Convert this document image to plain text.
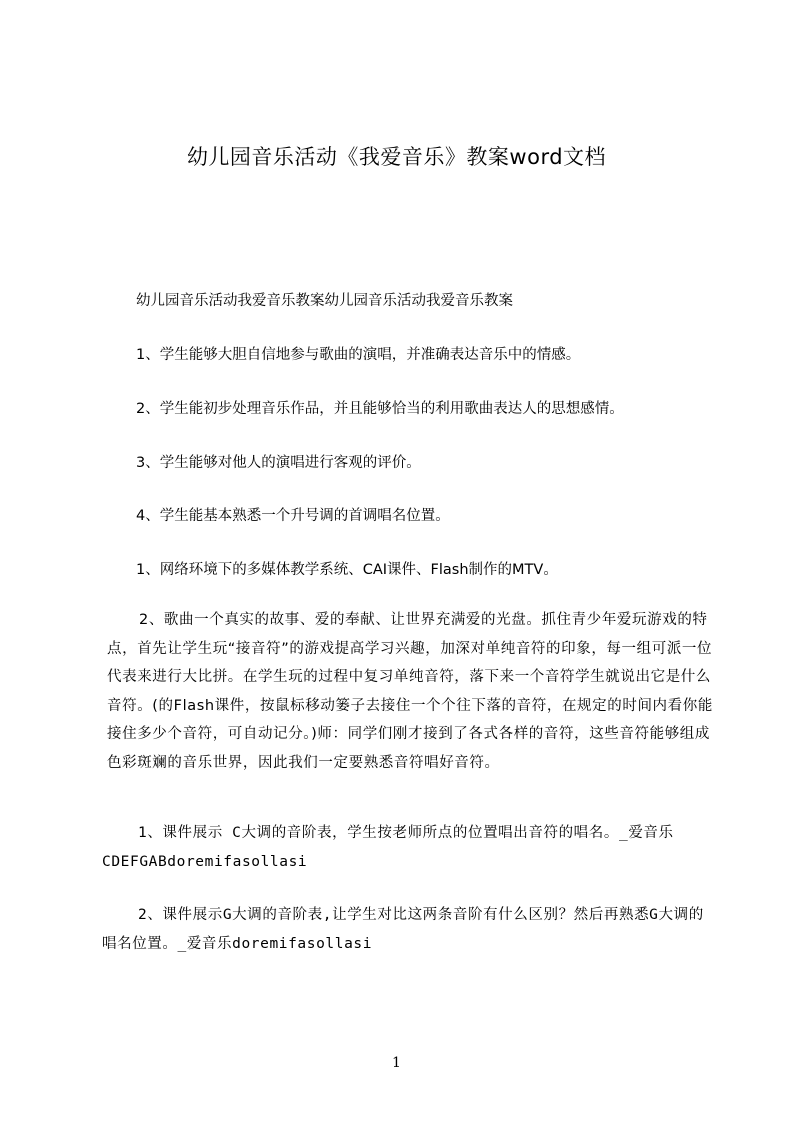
幼儿园音乐活动《我爱音乐》教案word文档
幼儿园音乐活动我爱音乐教案幼儿园音乐活动我爱音乐教案
1、学生能够大胆自信地参与歌曲的演唱，并准确表达音乐中的情感。
2、学生能初步处理音乐作品，并且能够恰当的利用歌曲表达人的思想感情。
3、学生能够对他人的演唱进行客观的评价。
4、学生能基本熟悉一个升号调的首调唱名位置。
1、网络环境下的多媒体教学系统、CAI课件、Flash制作的MTV。
2、歌曲一个真实的故事、爱的奉献、让世界充满爱的光盘。抓住青少年爱玩游戏的特点，首先让学生玩“接音符”的游戏提高学习兴趣，加深对单纯音符的印象，每一组可派一位代表来进行大比拼。在学生玩的过程中复习单纯音符，落下来一个音符学生就说出它是什么音符。(的Flash课件，按鼠标移动篓子去接住一个个往下落的音符，在规定的时间内看你能接住多少个音符，可自动记分。)师：同学们刚才接到了各式各样的音符，这些音符能够组成色彩斑斓的音乐世界，因此我们一定要熟悉音符唱好音符。
1、课件展示 C大调的音阶表，学生按老师所点的位置唱出音符的唱名。_爱音乐CDEFGABdoremifasollasi
2、课件展示G大调的音阶表,让学生对比这两条音阶有什么区别？然后再熟悉G大调的唱名位置。_爱音乐doremifasollasi
1
